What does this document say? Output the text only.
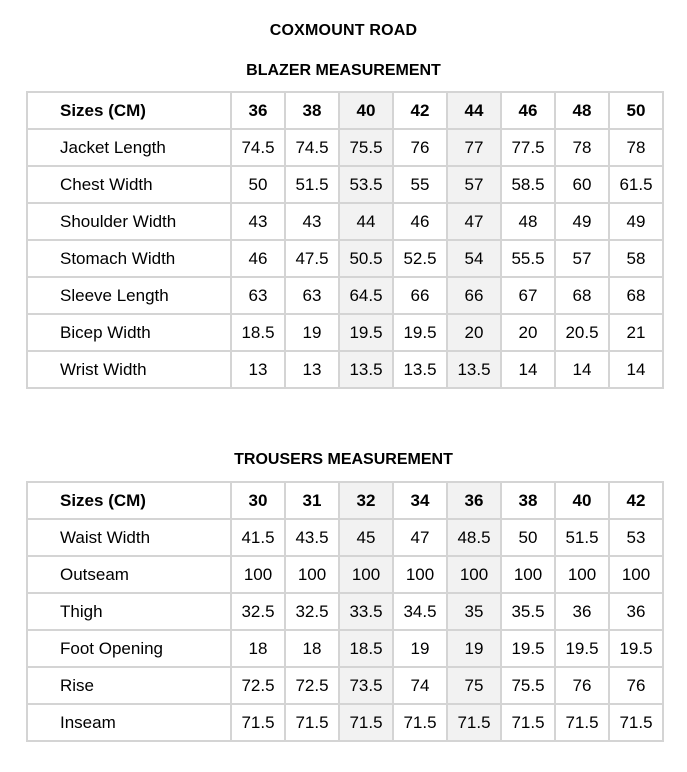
COXMOUNT ROAD
BLAZER MEASUREMENT
Sizes (CM)	36	38	40	42	44	46	48	50
Jacket Length	74.5	74.5	75.5	76	77	77.5	78	78
Chest Width	50	51.5	53.5	55	57	58.5	60	61.5
Shoulder Width	43	43	44	46	47	48	49	49
Stomach Width	46	47.5	50.5	52.5	54	55.5	57	58
Sleeve Length	63	63	64.5	66	66	67	68	68
Bicep Width	18.5	19	19.5	19.5	20	20	20.5	21
Wrist Width	13	13	13.5	13.5	13.5	14	14	14
TROUSERS MEASUREMENT
Sizes (CM)	30	31	32	34	36	38	40	42
Waist Width	41.5	43.5	45	47	48.5	50	51.5	53
Outseam	100	100	100	100	100	100	100	100
Thigh	32.5	32.5	33.5	34.5	35	35.5	36	36
Foot Opening	18	18	18.5	19	19	19.5	19.5	19.5
Rise	72.5	72.5	73.5	74	75	75.5	76	76
Inseam	71.5	71.5	71.5	71.5	71.5	71.5	71.5	71.5
